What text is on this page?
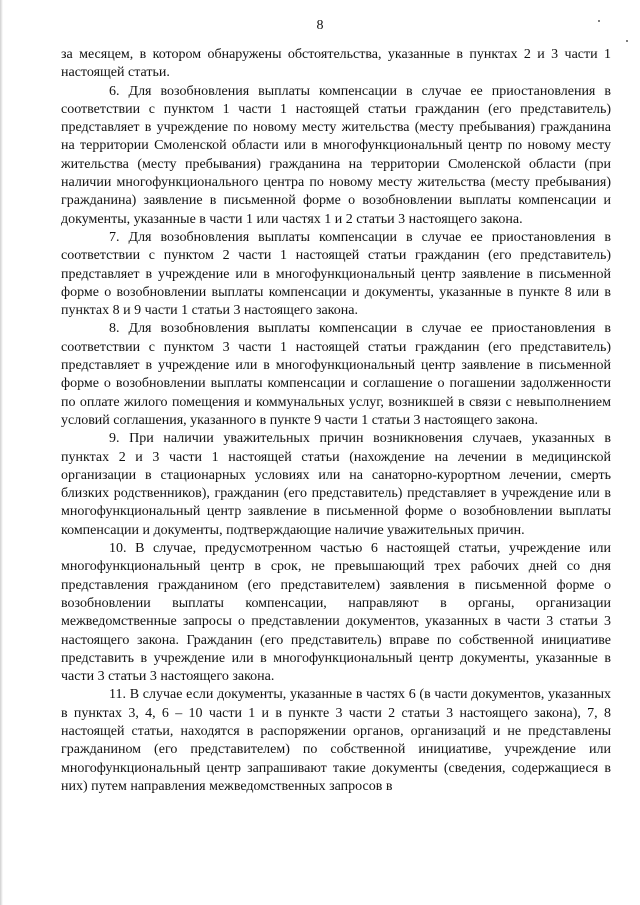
8

за месяцем, в котором обнаружены обстоятельства, указанные в пунктах 2 и 3 части 1 настоящей статьи.

6. Для возобновления выплаты компенсации в случае ее приостановления в соответствии с пунктом 1 части 1 настоящей статьи гражданин (его представитель) представляет в учреждение по новому месту жительства (месту пребывания) гражданина на территории Смоленской области или в многофункциональный центр по новому месту жительства (месту пребывания) гражданина на территории Смоленской области (при наличии многофункционального центра по новому месту жительства (месту пребывания) гражданина) заявление в письменной форме о возобновлении выплаты компенсации и документы, указанные в части 1 или частях 1 и 2 статьи 3 настоящего закона.

7. Для возобновления выплаты компенсации в случае ее приостановления в соответствии с пунктом 2 части 1 настоящей статьи гражданин (его представитель) представляет в учреждение или в многофункциональный центр заявление в письменной форме о возобновлении выплаты компенсации и документы, указанные в пункте 8 или в пунктах 8 и 9 части 1 статьи 3 настоящего закона.

8. Для возобновления выплаты компенсации в случае ее приостановления в соответствии с пунктом 3 части 1 настоящей статьи гражданин (его представитель) представляет в учреждение или в многофункциональный центр заявление в письменной форме о возобновлении выплаты компенсации и соглашение о погашении задолженности по оплате жилого помещения и коммунальных услуг, возникшей в связи с невыполнением условий соглашения, указанного в пункте 9 части 1 статьи 3 настоящего закона.

9. При наличии уважительных причин возникновения случаев, указанных в пунктах 2 и 3 части 1 настоящей статьи (нахождение на лечении в медицинской организации в стационарных условиях или на санаторно-курортном лечении, смерть близких родственников), гражданин (его представитель) представляет в учреждение или в многофункциональный центр заявление в письменной форме о возобновлении выплаты компенсации и документы, подтверждающие наличие уважительных причин.

10. В случае, предусмотренном частью 6 настоящей статьи, учреждение или многофункциональный центр в срок, не превышающий трех рабочих дней со дня представления гражданином (его представителем) заявления в письменной форме о возобновлении выплаты компенсации, направляют в органы, организации межведомственные запросы о представлении документов, указанных в части 3 статьи 3 настоящего закона. Гражданин (его представитель) вправе по собственной инициативе представить в учреждение или в многофункциональный центр документы, указанные в части 3 статьи 3 настоящего закона.

11. В случае если документы, указанные в частях 6 (в части документов, указанных в пунктах 3, 4, 6 – 10 части 1 и в пункте 3 части 2 статьи 3 настоящего закона), 7, 8 настоящей статьи, находятся в распоряжении органов, организаций и не представлены гражданином (его представителем) по собственной инициативе, учреждение или многофункциональный центр запрашивают такие документы (сведения, содержащиеся в них) путем направления межведомственных запросов в
